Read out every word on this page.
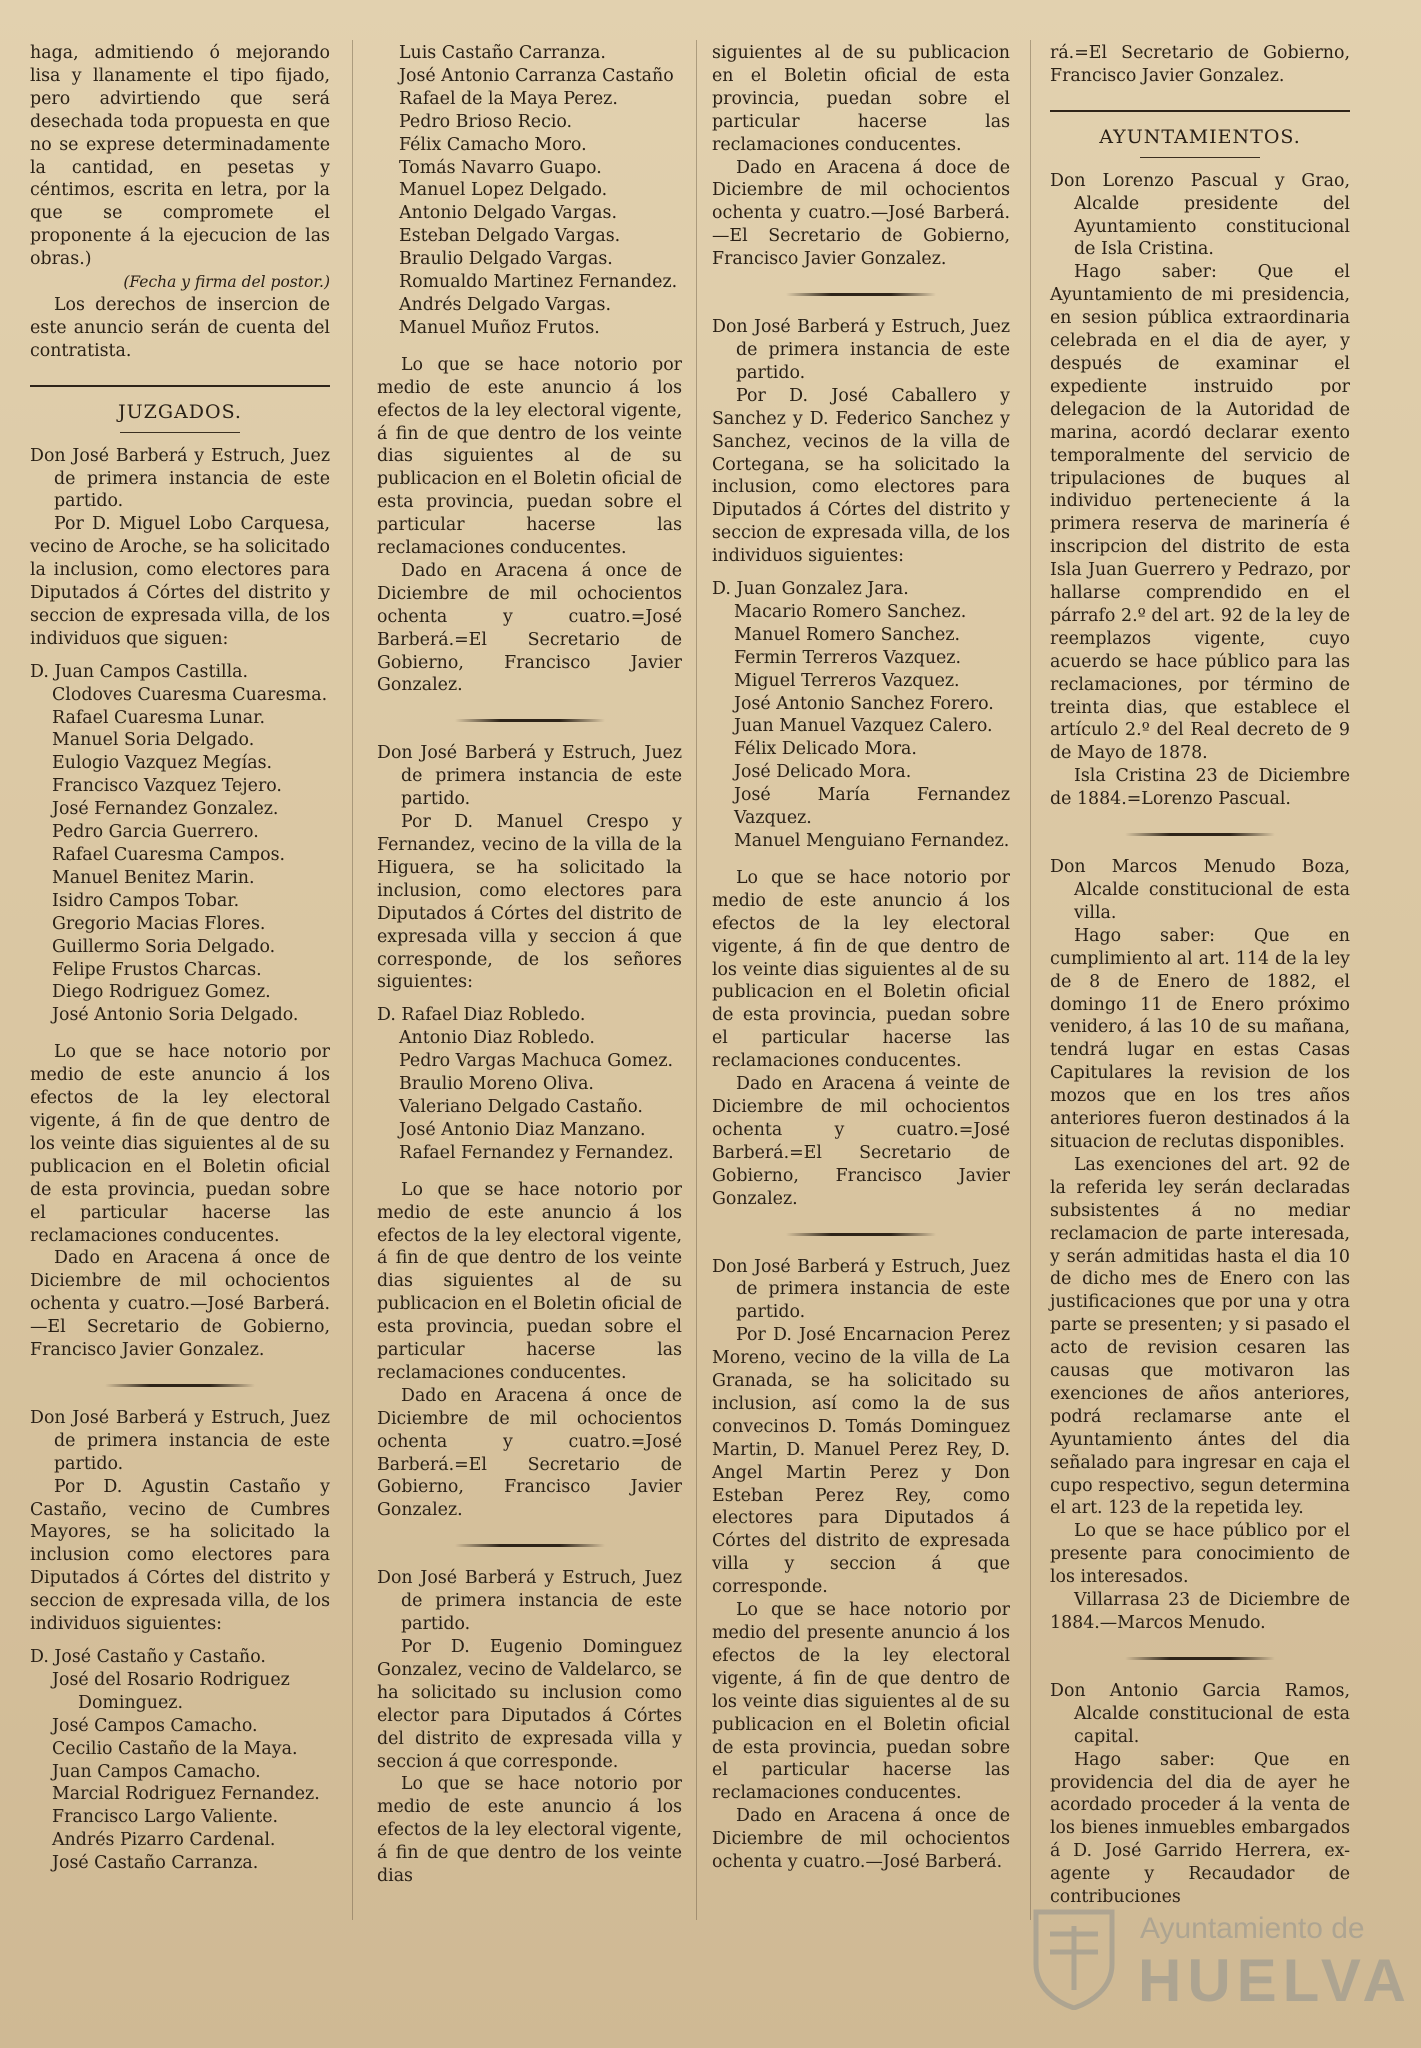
haga, admitiendo ó mejorando lisa y llanamente el tipo fijado, pero advirtiendo que será desechada toda propuesta en que no se exprese determinadamente la cantidad, en pesetas y céntimos, escrita en letra, por la que se compromete el proponente á la ejecucion de las obras.)

(Fecha y firma del postor.)

Los derechos de insercion de este anuncio serán de cuenta del contratista.

JUZGADOS.

Don José Barberá y Estruch, Juez de primera instancia de este partido.

Por D. Miguel Lobo Carquesa, vecino de Aroche, se ha solicitado la inclusion, como electores para Diputados á Córtes del distrito y seccion de expresada villa, de los individuos que siguen:

D. Juan Campos Castilla.
Clodoves Cuaresma Cuaresma.
Rafael Cuaresma Lunar.
Manuel Soria Delgado.
Eulogio Vazquez Megías.
Francisco Vazquez Tejero.
José Fernandez Gonzalez.
Pedro Garcia Guerrero.
Rafael Cuaresma Campos.
Manuel Benitez Marin.
Isidro Campos Tobar.
Gregorio Macias Flores.
Guillermo Soria Delgado.
Felipe Frustos Charcas.
Diego Rodriguez Gomez.
José Antonio Soria Delgado.

Lo que se hace notorio por medio de este anuncio á los efectos de la ley electoral vigente, á fin de que dentro de los veinte dias siguientes al de su publicacion en el Boletin oficial de esta provincia, puedan sobre el particular hacerse las reclamaciones conducentes.

Dado en Aracena á once de Diciembre de mil ochocientos ochenta y cuatro.—José Barberá.—El Secretario de Gobierno, Francisco Javier Gonzalez.

Don José Barberá y Estruch, Juez de primera instancia de este partido.

Por D. Agustin Castaño y Castaño, vecino de Cumbres Mayores, se ha solicitado la inclusion como electores para Diputados á Córtes del distrito y seccion de expresada villa, de los individuos siguientes:

D. José Castaño y Castaño.
José del Rosario Rodriguez
Dominguez.
José Campos Camacho.
Cecilio Castaño de la Maya.
Juan Campos Camacho.
Marcial Rodriguez Fernandez.
Francisco Largo Valiente.
Andrés Pizarro Cardenal.
José Castaño Carranza.
Luis Castaño Carranza.
José Antonio Carranza Castaño
Rafael de la Maya Perez.
Pedro Brioso Recio.
Félix Camacho Moro.
Tomás Navarro Guapo.
Manuel Lopez Delgado.
Antonio Delgado Vargas.
Esteban Delgado Vargas.
Braulio Delgado Vargas.
Romualdo Martinez Fernandez.
Andrés Delgado Vargas.
Manuel Muñoz Frutos.

Lo que se hace notorio por medio de este anuncio á los efectos de la ley electoral vigente, á fin de que dentro de los veinte dias siguientes al de su publicacion en el Boletin oficial de esta provincia, puedan sobre el particular hacerse las reclamaciones conducentes.

Dado en Aracena á once de Diciembre de mil ochocientos ochenta y cuatro.=José Barberá.=El Secretario de Gobierno, Francisco Javier Gonzalez.

Don José Barberá y Estruch, Juez de primera instancia de este partido.

Por D. Manuel Crespo y Fernandez, vecino de la villa de la Higuera, se ha solicitado la inclusion, como electores para Diputados á Córtes del distrito de expresada villa y seccion á que corresponde, de los señores siguientes:

D. Rafael Diaz Robledo.
Antonio Diaz Robledo.
Pedro Vargas Machuca Gomez.
Braulio Moreno Oliva.
Valeriano Delgado Castaño.
José Antonio Diaz Manzano.
Rafael Fernandez y Fernandez.

Lo que se hace notorio por medio de este anuncio á los efectos de la ley electoral vigente, á fin de que dentro de los veinte dias siguientes al de su publicacion en el Boletin oficial de esta provincia, puedan sobre el particular hacerse las reclamaciones conducentes.

Dado en Aracena á once de Diciembre de mil ochocientos ochenta y cuatro.=José Barberá.=El Secretario de Gobierno, Francisco Javier Gonzalez.

Don José Barberá y Estruch, Juez de primera instancia de este partido.

Por D. Eugenio Dominguez Gonzalez, vecino de Valdelarco, se ha solicitado su inclusion como elector para Diputados á Córtes del distrito de expresada villa y seccion á que corresponde.

Lo que se hace notorio por medio de este anuncio á los efectos de la ley electoral vigente, á fin de que dentro de los veinte dias

siguientes al de su publicacion en el Boletin oficial de esta provincia, puedan sobre el particular hacerse las reclamaciones conducentes.

Dado en Aracena á doce de Diciembre de mil ochocientos ochenta y cuatro.—José Barberá.—El Secretario de Gobierno, Francisco Javier Gonzalez.

Don José Barberá y Estruch, Juez de primera instancia de este partido.

Por D. José Caballero y Sanchez y D. Federico Sanchez y Sanchez, vecinos de la villa de Cortegana, se ha solicitado la inclusion, como electores para Diputados á Córtes del distrito y seccion de expresada villa, de los individuos siguientes:

D. Juan Gonzalez Jara.
Macario Romero Sanchez.
Manuel Romero Sanchez.
Fermin Terreros Vazquez.
Miguel Terreros Vazquez.
José Antonio Sanchez Forero.
Juan Manuel Vazquez Calero.
Félix Delicado Mora.
José Delicado Mora.
José María Fernandez Vazquez.
Manuel Menguiano Fernandez.

Lo que se hace notorio por medio de este anuncio á los efectos de la ley electoral vigente, á fin de que dentro de los veinte dias siguientes al de su publicacion en el Boletin oficial de esta provincia, puedan sobre el particular hacerse las reclamaciones conducentes.

Dado en Aracena á veinte de Diciembre de mil ochocientos ochenta y cuatro.=José Barberá.=El Secretario de Gobierno, Francisco Javier Gonzalez.

Don José Barberá y Estruch, Juez de primera instancia de este partido.

Por D. José Encarnacion Perez Moreno, vecino de la villa de La Granada, se ha solicitado su inclusion, así como la de sus convecinos D. Tomás Dominguez Martin, D. Manuel Perez Rey, D. Angel Martin Perez y Don Esteban Perez Rey, como electores para Diputados á Córtes del distrito de expresada villa y seccion á que corresponde.

Lo que se hace notorio por medio del presente anuncio á los efectos de la ley electoral vigente, á fin de que dentro de los veinte dias siguientes al de su publicacion en el Boletin oficial de esta provincia, puedan sobre el particular hacerse las reclamaciones conducentes.

Dado en Aracena á once de Diciembre de mil ochocientos ochenta y cuatro.—José Barberá.

rá.=El Secretario de Gobierno, Francisco Javier Gonzalez.

AYUNTAMIENTOS.

Don Lorenzo Pascual y Grao, Alcalde presidente del Ayuntamiento constitucional de Isla Cristina.

Hago saber: Que el Ayuntamiento de mi presidencia, en sesion pública extraordinaria celebrada en el dia de ayer, y después de examinar el expediente instruido por delegacion de la Autoridad de marina, acordó declarar exento temporalmente del servicio de tripulaciones de buques al individuo perteneciente á la primera reserva de marinería é inscripcion del distrito de esta Isla Juan Guerrero y Pedrazo, por hallarse comprendido en el párrafo 2.º del art. 92 de la ley de reemplazos vigente, cuyo acuerdo se hace público para las reclamaciones, por término de treinta dias, que establece el artículo 2.º del Real decreto de 9 de Mayo de 1878.

Isla Cristina 23 de Diciembre de 1884.=Lorenzo Pascual.

Don Marcos Menudo Boza, Alcalde constitucional de esta villa.

Hago saber: Que en cumplimiento al art. 114 de la ley de 8 de Enero de 1882, el domingo 11 de Enero próximo venidero, á las 10 de su mañana, tendrá lugar en estas Casas Capitulares la revision de los mozos que en los tres años anteriores fueron destinados á la situacion de reclutas disponibles.

Las exenciones del art. 92 de la referida ley serán declaradas subsistentes á no mediar reclamacion de parte interesada, y serán admitidas hasta el dia 10 de dicho mes de Enero con las justificaciones que por una y otra parte se presenten; y si pasado el acto de revision cesaren las causas que motivaron las exenciones de años anteriores, podrá reclamarse ante el Ayuntamiento ántes del dia señalado para ingresar en caja el cupo respectivo, segun determina el art. 123 de la repetida ley.

Lo que se hace público por el presente para conocimiento de los interesados.

Villarrasa 23 de Diciembre de 1884.—Marcos Menudo.

Don Antonio Garcia Ramos, Alcalde constitucional de esta capital.

Hago saber: Que en providencia del dia de ayer he acordado proceder á la venta de los bienes inmuebles embargados á D. José Garrido Herrera, ex-agente y Recaudador de contribuciones

Ayuntamiento de
HUELVA
